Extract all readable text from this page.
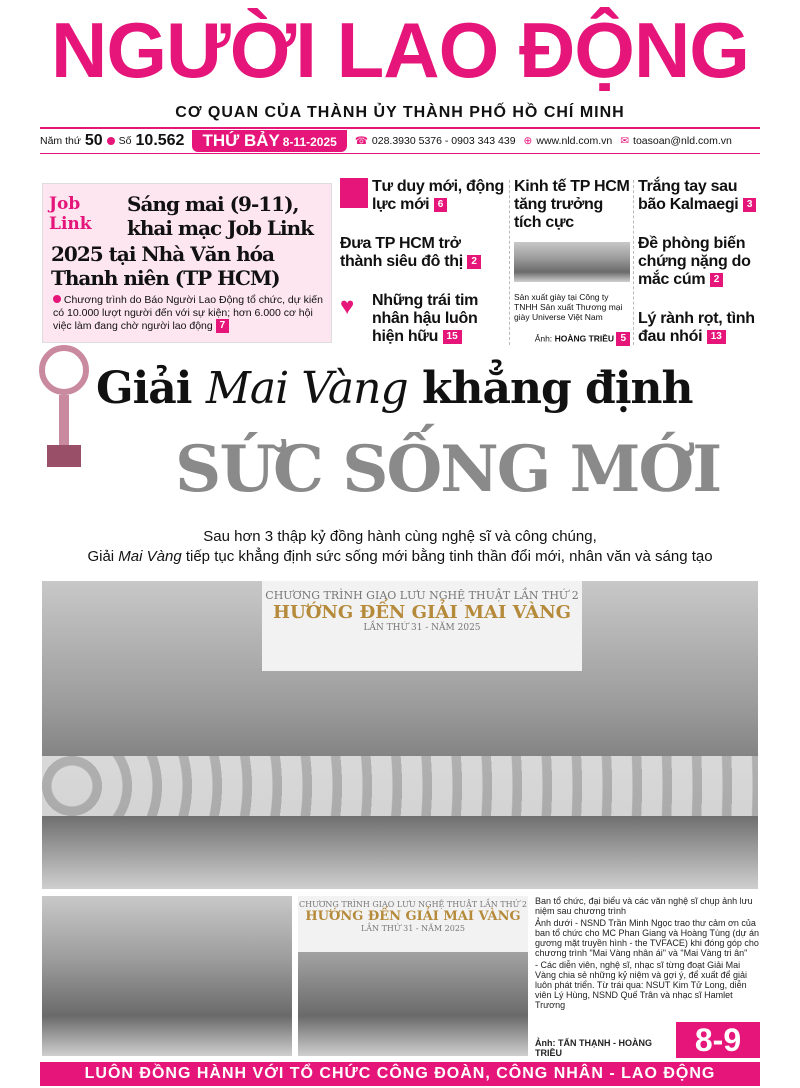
NGƯỜI LAO ĐỘNG
CƠ QUAN CỦA THÀNH ỦY THÀNH PHỐ HỒ CHÍ MINH
Năm thứ 50 Số 10.562	THỨ BẢY 8-11-2025	☎ 028.3930 5376 - 0903 343 439 ⊕ www.nld.com.vn ✉ toasoan@nld.com.vn
Job Link
Sáng mai (9-11), khai mạc Job Link
2025 tại Nhà Văn hóa Thanh niên (TP HCM)
Chương trình do Báo Người Lao Động tổ chức, dự kiến có 10.000 lượt người đến với sự kiện; hơn 6.000 cơ hội việc làm đang chờ người lao động 7
Tư duy mới, động lực mới 6
Đưa TP HCM trở thành siêu đô thị 2
♥	Những trái tim nhân hậu luôn hiện hữu 15
Kinh tế TP HCM tăng trưởng tích cực
Sản xuất giày tại Công ty TNHH Sản xuất Thương mại giày Universe Việt Nam
Ảnh: HOÀNG TRIỀU 5
Trắng tay sau bão Kalmaegi 3
Đề phòng biến chứng nặng do mắc cúm 2
Lý rành rọt, tình đau nhói 13
Giải Mai Vàng khẳng định
SỨC SỐNG MỚI
Sau hơn 3 thập kỷ đồng hành cùng nghệ sĩ và công chúng,
Giải Mai Vàng tiếp tục khẳng định sức sống mới bằng tinh thần đổi mới, nhân văn và sáng tạo
CHƯƠNG TRÌNH GIAO LƯU NGHỆ THUẬT LẦN THỨ 2
HƯỚNG ĐẾN GIẢI MAI VÀNG
LẦN THỨ 31 - NĂM 2025
CHƯƠNG TRÌNH GIAO LƯU NGHỆ THUẬT LẦN THỨ 2
HƯỚNG ĐẾN GIẢI MAI VÀNG
LẦN THỨ 31 - NĂM 2025

Ban tổ chức, đại biểu và các văn nghệ sĩ chụp ảnh lưu niệm sau chương trình

Ảnh dưới - NSND Trần Minh Ngọc trao thư cảm ơn của ban tổ chức cho MC Phan Giang và Hoàng Tùng (dự án gương mặt truyền hình - the TVFACE) khi đóng góp cho chương trình "Mai Vàng nhân ái" và "Mai Vàng tri ân"

- Các diễn viên, nghệ sĩ, nhạc sĩ từng đoạt Giải Mai Vàng chia sẻ những kỷ niệm và gợi ý, để xuất để giải luôn phát triển. Từ trái qua: NSUT Kim Tử Long, diễn viên Lý Hùng, NSND Quế Trân và nhạc sĩ Hamlet Trương

Ảnh: TẤN THẠNH - HOÀNG TRIỀU	8-9
LUÔN ĐỒNG HÀNH VỚI TỔ CHỨC CÔNG ĐOÀN, CÔNG NHÂN - LAO ĐỘNG
